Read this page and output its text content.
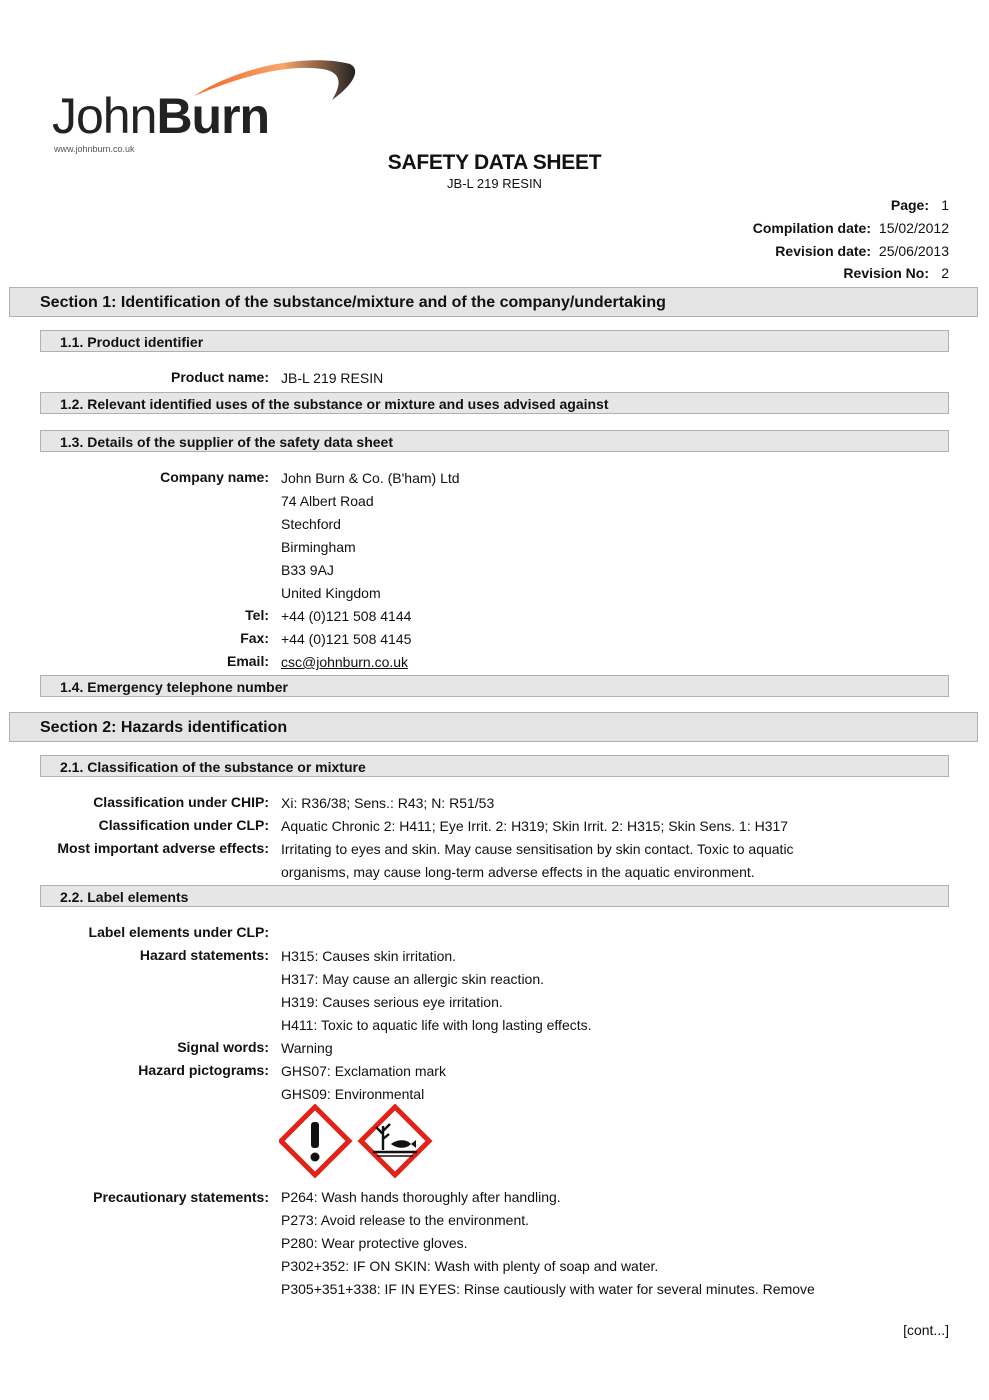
JohnBurn
www.johnburn.co.uk
SAFETY DATA SHEET
JB-L 219 RESIN
Page: 1
Compilation date: 15/02/2012
Revision date: 25/06/2013
Revision No: 2
Section 1: Identification of the substance/mixture and of the company/undertaking
1.1. Product identifier
Product name: JB-L 219 RESIN
1.2. Relevant identified uses of the substance or mixture and uses advised against
1.3. Details of the supplier of the safety data sheet
Company name: John Burn & Co. (B'ham) Ltd
74 Albert Road
Stechford
Birmingham
B33 9AJ
United Kingdom
Tel: +44 (0)121 508 4144
Fax: +44 (0)121 508 4145
Email: csc@johnburn.co.uk
1.4. Emergency telephone number
Section 2: Hazards identification
2.1. Classification of the substance or mixture
Classification under CHIP: Xi: R36/38; Sens.: R43; N: R51/53
Classification under CLP: Aquatic Chronic 2: H411; Eye Irrit. 2: H319; Skin Irrit. 2: H315; Skin Sens. 1: H317
Most important adverse effects: Irritating to eyes and skin. May cause sensitisation by skin contact. Toxic to aquatic
organisms, may cause long-term adverse effects in the aquatic environment.
2.2. Label elements
Label elements under CLP:
Hazard statements: H315: Causes skin irritation.
H317: May cause an allergic skin reaction.
H319: Causes serious eye irritation.
H411: Toxic to aquatic life with long lasting effects.
Signal words: Warning
Hazard pictograms: GHS07: Exclamation mark
GHS09: Environmental
Precautionary statements: P264: Wash hands thoroughly after handling.
P273: Avoid release to the environment.
P280: Wear protective gloves.
P302+352: IF ON SKIN: Wash with plenty of soap and water.
P305+351+338: IF IN EYES: Rinse cautiously with water for several minutes. Remove
[cont...]
